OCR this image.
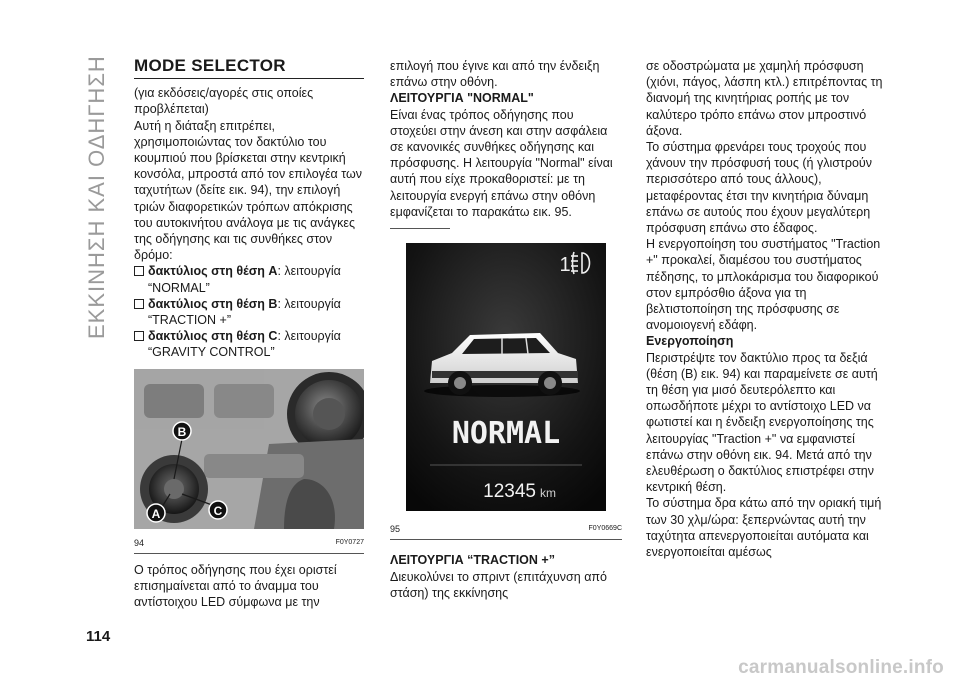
ΕΚΚΙΝΗΣΗ ΚΑΙ ΟΔΗΓΗΣΗ
114
MODE SELECTOR

(για εκδόσεις/αγορές στις οποίες προβλέπεται)

Αυτή η διάταξη επιτρέπει, χρησιμοποιώντας τον δακτύλιο του κουμπιού που βρίσκεται στην κεντρική κονσόλα, μπροστά από τον επιλογέα των ταχυτήτων (δείτε εικ. 94), την επιλογή τριών διαφορετικών τρόπων απόκρισης του αυτοκινήτου ανάλογα με τις ανάγκες της οδήγησης και τις συνθήκες στον δρόμο:

δακτύλιος στη θέση A: λειτουργία “NORMAL”
δακτύλιος στη θέση B: λειτουργία “TRACTION +”
δακτύλιος στη θέση C: λειτουργία “GRAVITY CONTROL”
B
A	C
94	F0Y0727

Ο τρόπος οδήγησης που έχει οριστεί επισημαίνεται από το άναμμα του αντίστοιχου LED σύμφωνα με την

επιλογή που έγινε και από την ένδειξη επάνω στην οθόνη.

ΛΕΙΤΟΥΡΓΙΑ "NORMAL"

Είναι ένας τρόπος οδήγησης που στοχεύει στην άνεση και στην ασφάλεια σε κανονικές συνθήκες οδήγησης και πρόσφυσης. Η λειτουργία "Normal" είναι αυτή που είχε προκαθοριστεί: με τη λειτουργία ενεργή επάνω στην οθόνη εμφανίζεται το παρακάτω εικ. 95.

1
NORMAL
12345 km
95	F0Y0669C

ΛΕΙΤΟΥΡΓΙΑ “TRACTION +”

Διευκολύνει το σπριντ (επιτάχυνση από στάση) της εκκίνησης

σε οδοστρώματα με χαμηλή πρόσφυση (χιόνι, πάγος, λάσπη κτλ.) επιτρέποντας τη διανομή της κινητήριας ροπής με τον καλύτερο τρόπο επάνω στον μπροστινό άξονα.

Το σύστημα φρενάρει τους τροχούς που χάνουν την πρόσφυσή τους (ή γλιστρούν περισσότερο από τους άλλους), μεταφέροντας έτσι την κινητήρια δύναμη επάνω σε αυτούς που έχουν μεγαλύτερη πρόσφυση επάνω στο έδαφος.

Η ενεργοποίηση του συστήματος "Traction +" προκαλεί, διαμέσου του συστήματος πέδησης, το μπλοκάρισμα του διαφορικού στον εμπρόσθιο άξονα για τη βελτιστοποίηση της πρόσφυσης σε ανομοιογενή εδάφη.

Ενεργοποίηση

Περιστρέψτε τον δακτύλιο προς τα δεξιά (θέση (B) εικ. 94) και παραμείνετε σε αυτή τη θέση για μισό δευτερόλεπτο και οπωσδήποτε μέχρι το αντίστοιχο LED να φωτιστεί και η ένδειξη ενεργοποίησης της λειτουργίας "Traction +" να εμφανιστεί επάνω στην οθόνη εικ. 94. Μετά από την ελευθέρωση ο δακτύλιος επιστρέφει στην κεντρική θέση.

Το σύστημα δρα κάτω από την οριακή τιμή των 30 χλμ/ώρα: ξεπερνώντας αυτή την ταχύτητα απενεργοποιείται αυτόματα και ενεργοποιείται αμέσως

carmanualsonline.info
